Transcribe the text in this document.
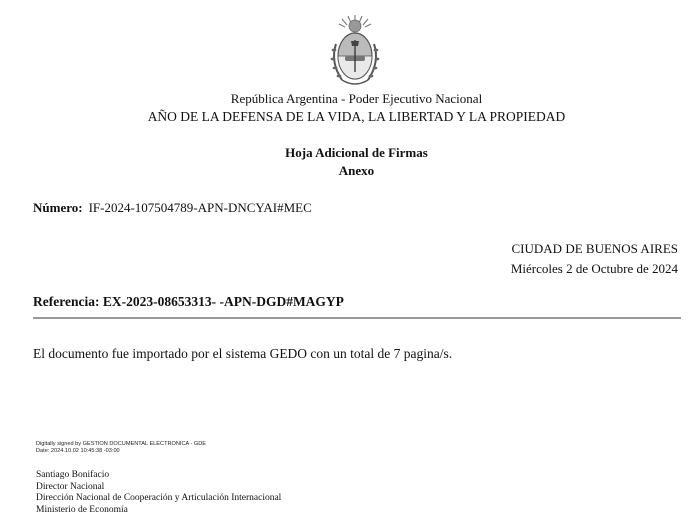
República Argentina - Poder Ejecutivo Nacional
AÑO DE LA DEFENSA DE LA VIDA, LA LIBERTAD Y LA PROPIEDAD
Hoja Adicional de Firmas
Anexo
Número: IF-2024-107504789-APN-DNCYAI#MEC
CIUDAD DE BUENOS AIRES
Miércoles 2 de Octubre de 2024
Referencia: EX-2023-08653313- -APN-DGD#MAGYP
El documento fue importado por el sistema GEDO con un total de 7 pagina/s.
Digitally signed by GESTION DOCUMENTAL ELECTRONICA - GDE
Date: 2024.10.02 10:45:38 -03:00
Santiago Bonifacio
Director Nacional
Dirección Nacional de Cooperación y Articulación Internacional
Ministerio de Economía
